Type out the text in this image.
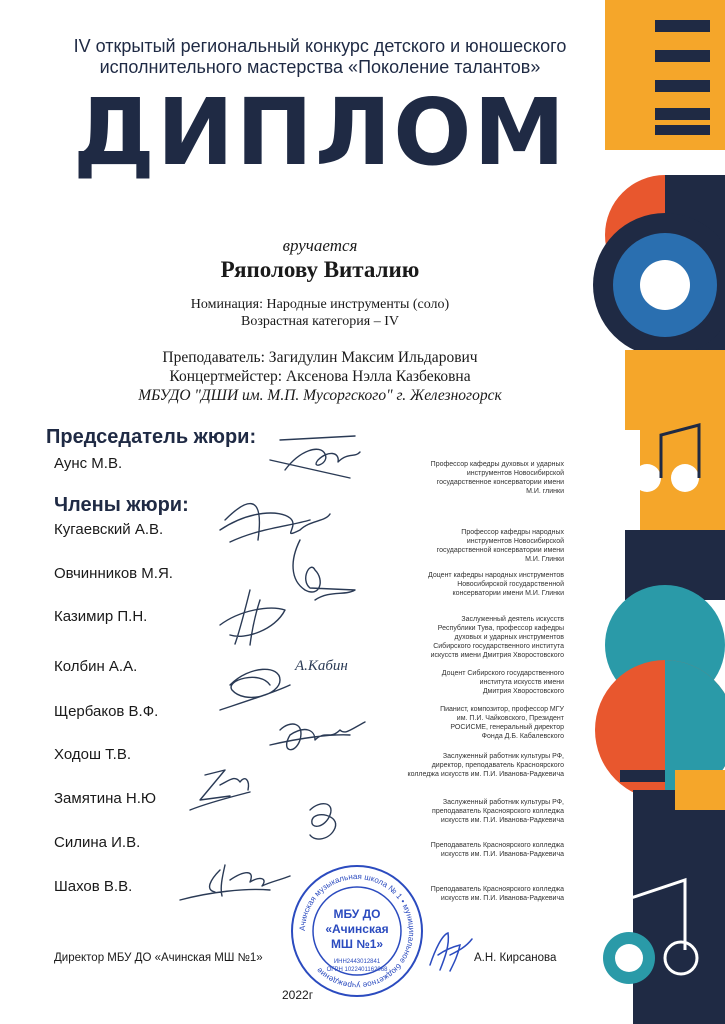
IV открытый региональный конкурс детского и юношеского
исполнительного мастерства «Поколение талантов»
ДИПЛОМ
вручается
Ряполову Виталию
Номинация: Народные инструменты (соло)
Возрастная категория – IV
Преподаватель: Загидулин Максим Ильдарович
Концертмейстер: Аксенова Нэлла Казбековна
МБУДО "ДШИ им. М.П. Мусоргского" г. Железногорск
Председатель жюри:
Члены жюри:
Аунс М.В.	Профессор кафедры духовых и ударных
инструментов Новосибирской
государственное консерватории имени
М.И. глинки
Кугаевский А.В.
Овчинников М.Я.
Казимир П.Н.
Колбин А.А.
Щербаков В.Ф.
Ходош Т.В.
Замятина Н.Ю
Силина И.В.
Шахов В.В.
Профессор кафедры народных
инструментов Новосибирской
государственной консерватории имени
М.И. Глинки
Доцент кафедры народных инструментов
Новосибирской государственной
консерватории имени М.И. Глинки
Заслуженный деятель искусств
Республики Тува, профессор кафедры
духовых и ударных инструментов
Сибирского государственного института
искусств имени Дмитрия Хворостовского
Доцент Сибирского государственного
института искусств имени
Дмитрия Хворостовского
Пианист, композитор, профессор МГУ
им. П.И. Чайковского, Президент
РОСИСМЕ, генеральный директор
Фонда Д.Б. Кабалевского
Заслуженный работник культуры РФ,
директор, преподаватель Красноярского
колледжа искусств им. П.И. Иванова-Радкевича
Заслуженный работник культуры РФ,
преподаватель Красноярского колледжа
искусств им. П.И. Иванова-Радкевича
Преподаватель Красноярского колледжа
искусств им. П.И. Иванова-Радкевича
Преподаватель Красноярского колледжа
искусств им. П.И. Иванова-Радкевича
А.Кабин
Ачинская музыкальная школа № 1 • муниципальное бюджетное учреждение
МБУ ДО
«Ачинская
МШ №1»
ИНН2443012841
ОГРН 1022401162068
Директор МБУ ДО «Ачинская МШ №1»	А.Н. Кирсанова
2022г
